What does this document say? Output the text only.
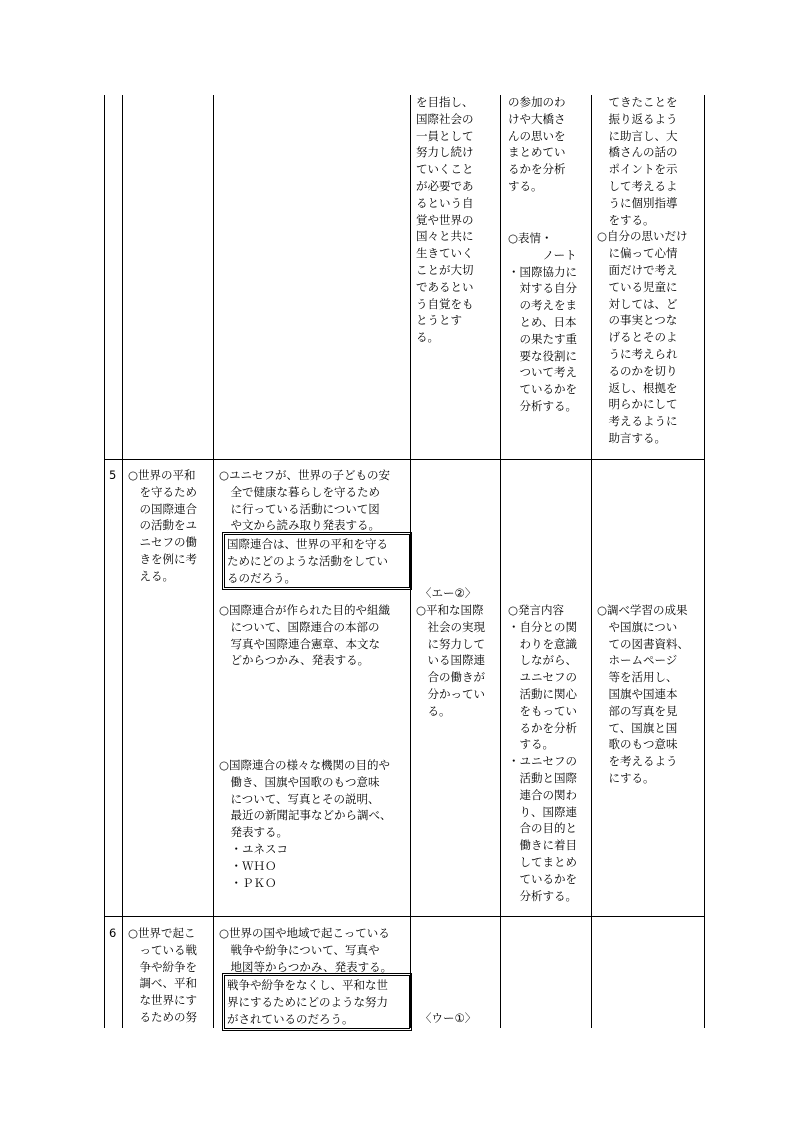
を目指し、
国際社会の
一員として
努力し続け
ていくこと
が必要であ
るという自
覚や世界の
国々と共に
生きていく
ことが大切
であるとい
う自覚をも
とうとす
る。
の参加のわ
けや大橋さ
んの思いを
まとめてい
るかを分析
する。
○表情・
　　　ノート
・国際協力に
　対する自分
　の考えをま
　とめ、日本
　の果たす重
　要な役割に
　ついて考え
　ているかを
　分析する。
　てきたことを
　振り返るよう
　に助言し、大
　橋さんの話の
　ポイントを示
　して考えるよ
　うに個別指導
　をする。
○自分の思いだけ
　に偏って心情
　面だけで考え
　ている児童に
　対しては、ど
　の事実とつな
　げるとそのよ
　うに考えられ
　るのかを切り
　返し、根拠を
　明らかにして
　考えるように
　助言する。
5 ○世界の平和
　を守るため
　の国際連合
　の活動をユ
　ニセフの働
　きを例に考
　える。
○ユニセフが、世界の子どもの安
　全で健康な暮らしを守るため
　に行っている活動について図
　や文から読み取り発表する。
国際連合は、世界の平和を守る
ためにどのような活動をしてい
るのだろう。
○国際連合が作られた目的や組織
　について、国際連合の本部の
　写真や国際連合憲章、本文な
　どからつかみ、発表する。
○国際連合の様々な機関の目的や
　働き、国旗や国歌のもつ意味
　について、写真とその説明、
　最近の新聞記事などから調べ、
　発表する。
　・ユネスコ
　・ＷＨＯ
　・ＰＫＯ
〈エー②〉
○平和な国際
　社会の実現
　に努力して
　いる国際連
　合の働きが
　分かってい
　る。
○発言内容
・自分との関
　わりを意識
　しながら、
　ユニセフの
　活動に関心
　をもってい
　るかを分析
　する。
・ユニセフの
　活動と国際
　連合の関わ
　り、国際連
　合の目的と
　働きに着目
　してまとめ
　ているかを
　分析する。
○調べ学習の成果
　や国旗につい
　ての図書資料、
　ホームページ
　等を活用し、
　国旗や国連本
　部の写真を見
　て、国旗と国
　歌のもつ意味
　を考えるよう
　にする。
6 ○世界で起こ
　っている戦
　争や紛争を
　調べ、平和
　な世界にす
　るための努
○世界の国や地域で起こっている
　戦争や紛争について、写真や
　地図等からつかみ、発表する。
戦争や紛争をなくし、平和な世
界にするためにどのような努力
がされているのだろう。	〈ウー①〉
